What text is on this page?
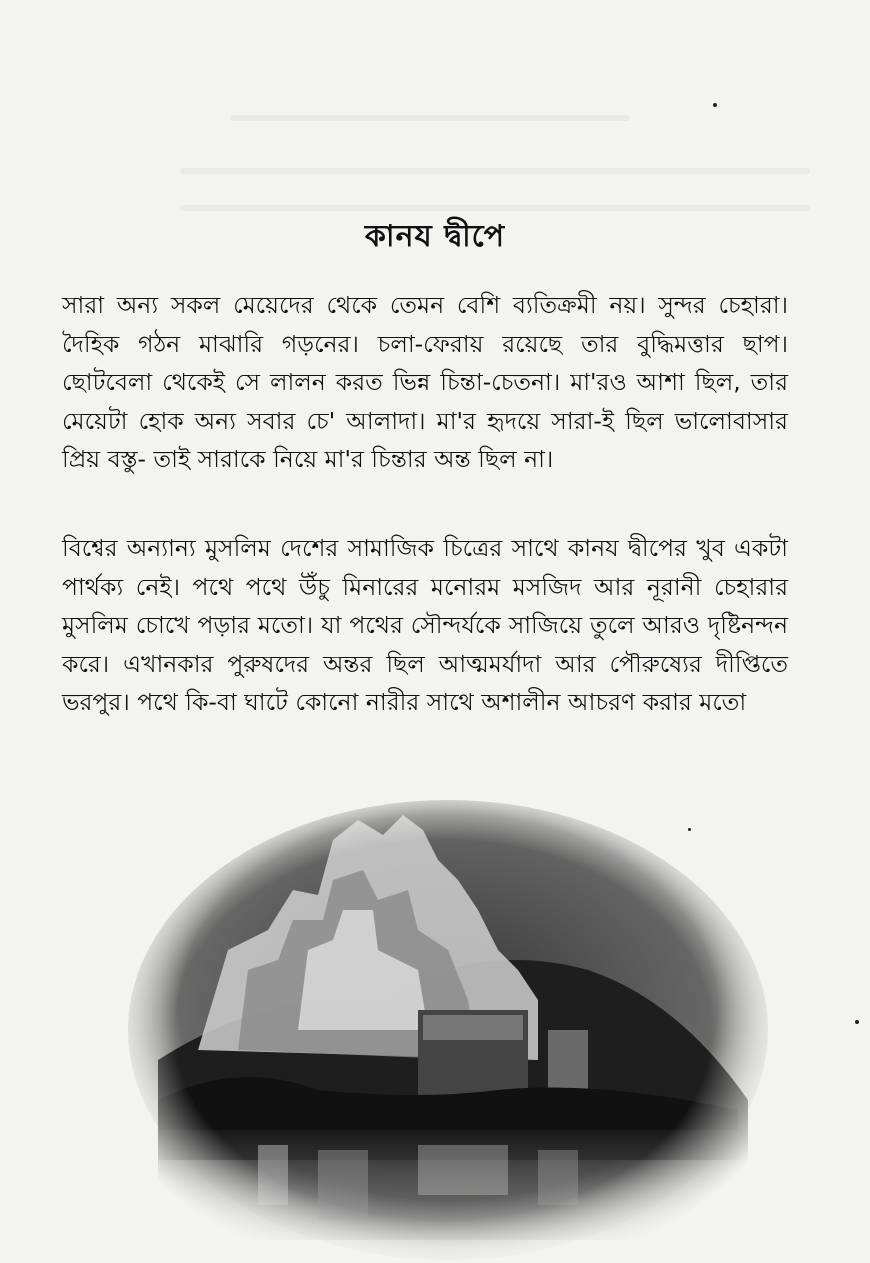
কানয দ্বীপে

সারা অন্য সকল মেয়েদের থেকে তেমন বেশি ব্যতিক্রমী নয়। সুন্দর চেহারা। দৈহিক গঠন মাঝারি গড়নের। চলা-ফেরায় রয়েছে তার বুদ্ধিমত্তার ছাপ। ছোটবেলা থেকেই সে লালন করত ভিন্ন চিন্তা-চেতনা। মা'রও আশা ছিল, তার মেয়েটা হোক অন্য সবার চে' আলাদা। মা'র হৃদয়ে সারা-ই ছিল ভালোবাসার প্রিয় বস্তু- তাই সারাকে নিয়ে মা'র চিন্তার অন্ত ছিল না।

বিশ্বের অন্যান্য মুসলিম দেশের সামাজিক চিত্রের সাথে কানয দ্বীপের খুব একটা পার্থক্য নেই। পথে পথে উঁচু মিনারের মনোরম মসজিদ আর নূরানী চেহারার মুসলিম চোখে পড়ার মতো। যা পথের সৌন্দর্যকে সাজিয়ে তুলে আরও দৃষ্টিনন্দন করে। এখানকার পুরুষদের অন্তর ছিল আত্মমর্যাদা আর পৌরুষ্যের দীপ্তিতে ভরপুর। পথে কি-বা ঘাটে কোনো নারীর সাথে অশালীন আচরণ করার মতো
